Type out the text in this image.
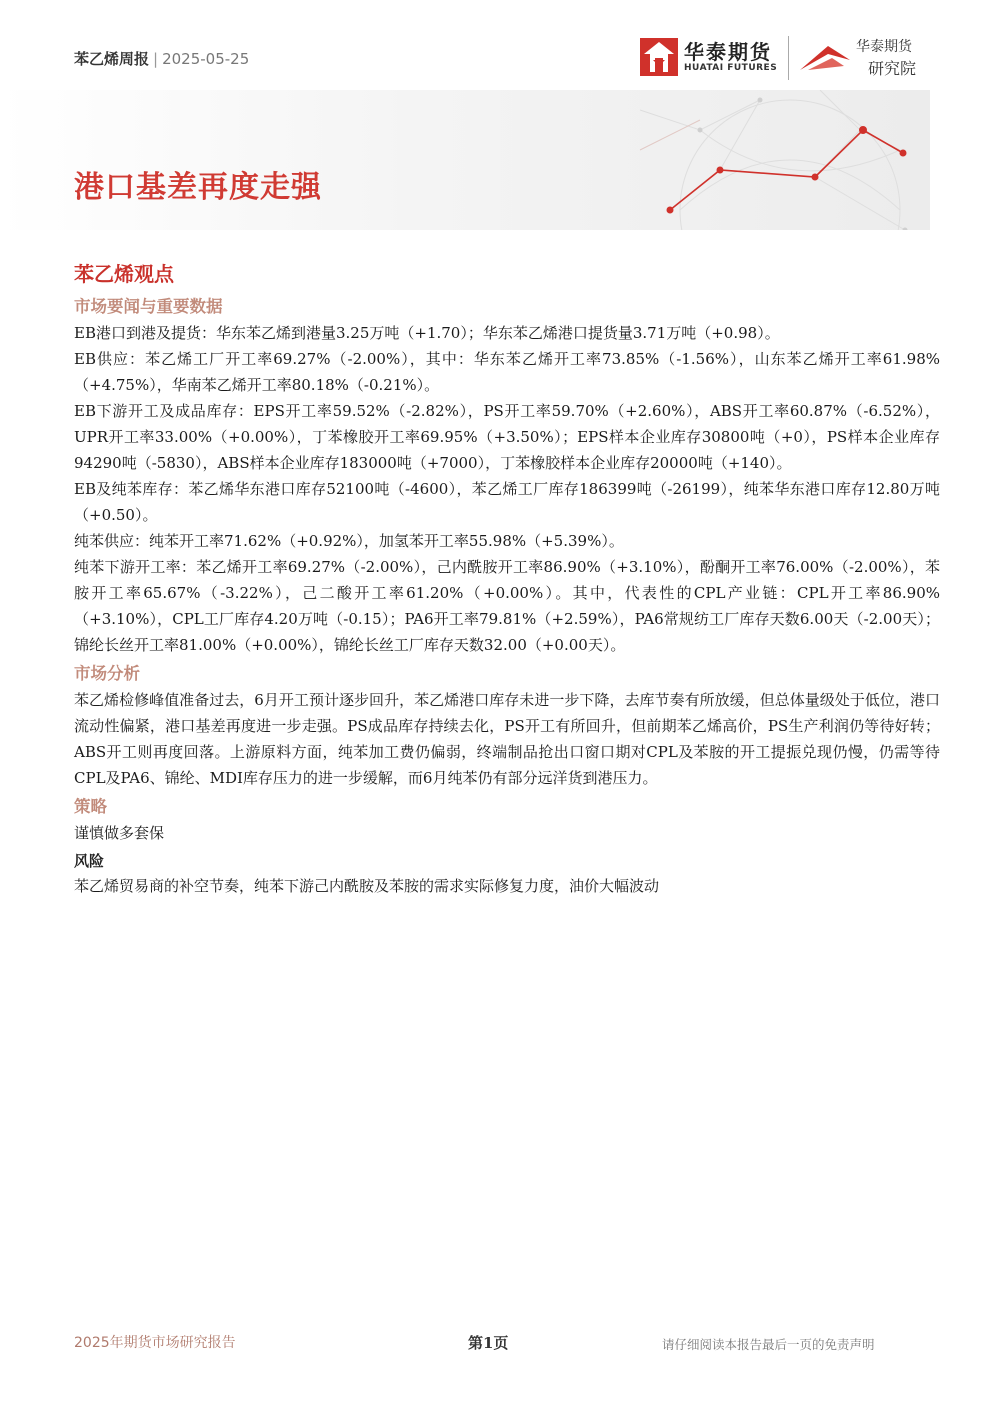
苯乙烯周报 | 2025-05-25	华泰期货
HUATAI FUTURES
华泰期货
研究院
港口基差再度走强
苯乙烯观点
市场要闻与重要数据

EB港口到港及提货：华东苯乙烯到港量3.25万吨（+1.70）；华东苯乙烯港口提货量3.71万吨（+0.98）。

EB供应：苯乙烯工厂开工率69.27%（-2.00%），其中：华东苯乙烯开工率73.85%（-1.56%），山东苯乙烯开工率61.98%（+4.75%），华南苯乙烯开工率80.18%（-0.21%）。

EB下游开工及成品库存：EPS开工率59.52%（-2.82%），PS开工率59.70%（+2.60%），ABS开工率60.87%（-6.52%），UPR开工率33.00%（+0.00%），丁苯橡胶开工率69.95%（+3.50%）；EPS样本企业库存30800吨（+0），PS样本企业库存94290吨（-5830），ABS样本企业库存183000吨（+7000），丁苯橡胶样本企业库存20000吨（+140）。

EB及纯苯库存：苯乙烯华东港口库存52100吨（-4600），苯乙烯工厂库存186399吨（-26199），纯苯华东港口库存12.80万吨（+0.50）。

纯苯供应：纯苯开工率71.62%（+0.92%），加氢苯开工率55.98%（+5.39%）。

纯苯下游开工率：苯乙烯开工率69.27%（-2.00%），己内酰胺开工率86.90%（+3.10%），酚酮开工率76.00%（-2.00%），苯胺开工率65.67%（-3.22%），己二酸开工率61.20%（+0.00%）。其中，代表性的CPL产业链：CPL开工率86.90%（+3.10%），CPL工厂库存4.20万吨（-0.15）；PA6开工率79.81%（+2.59%），PA6常规纺工厂库存天数6.00天（-2.00天）；锦纶长丝开工率81.00%（+0.00%），锦纶长丝工厂库存天数32.00（+0.00天）。

市场分析

苯乙烯检修峰值准备过去，6月开工预计逐步回升，苯乙烯港口库存未进一步下降，去库节奏有所放缓，但总体量级处于低位，港口流动性偏紧，港口基差再度进一步走强。PS成品库存持续去化，PS开工有所回升，但前期苯乙烯高价，PS生产利润仍等待好转；ABS开工则再度回落。上游原料方面，纯苯加工费仍偏弱，终端制品抢出口窗口期对CPL及苯胺的开工提振兑现仍慢，仍需等待CPL及PA6、锦纶、MDI库存压力的进一步缓解，而6月纯苯仍有部分远洋货到港压力。

策略

谨慎做多套保

风险

苯乙烯贸易商的补空节奏，纯苯下游己内酰胺及苯胺的需求实际修复力度，油价大幅波动

2025年期货市场研究报告	第1页	请仔细阅读本报告最后一页的免责声明
